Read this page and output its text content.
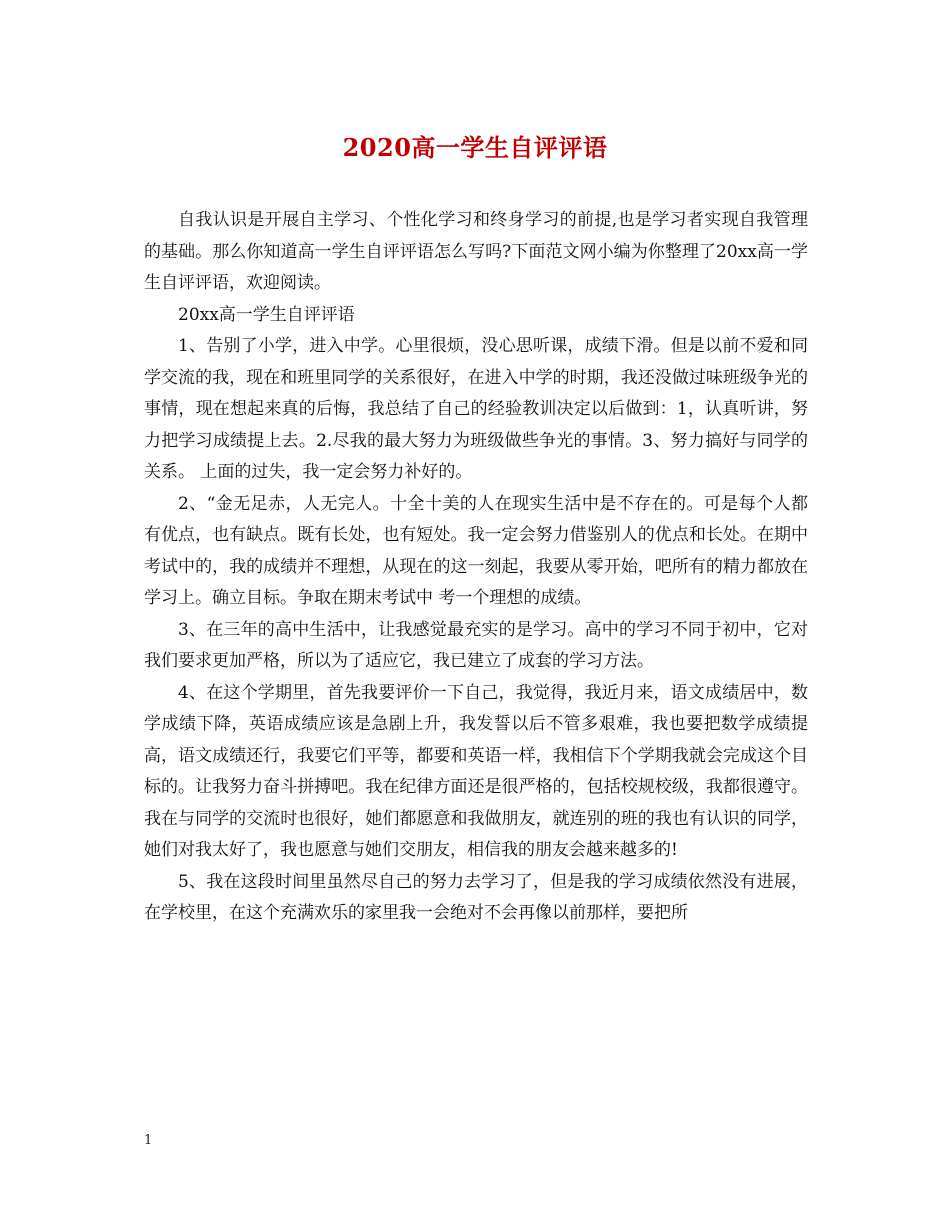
2020高一学生自评评语

自我认识是开展自主学习、个性化学习和终身学习的前提,也是学习者实现自我管理的基础。那么你知道高一学生自评评语怎么写吗?下面范文网小编为你整理了20xx高一学生自评评语，欢迎阅读。

20xx高一学生自评评语

1、告别了小学，进入中学。心里很烦，没心思听课，成绩下滑。但是以前不爱和同学交流的我，现在和班里同学的关系很好，在进入中学的时期，我还没做过味班级争光的事情，现在想起来真的后悔，我总结了自己的经验教训决定以后做到：1，认真听讲，努力把学习成绩提上去。2.尽我的最大努力为班级做些争光的事情。3、努力搞好与同学的关系。 上面的过失，我一定会努力补好的。

2、“金无足赤，人无完人。十全十美的人在现实生活中是不存在的。可是每个人都有优点，也有缺点。既有长处，也有短处。我一定会努力借鉴别人的优点和长处。在期中考试中的，我的成绩并不理想，从现在的这一刻起，我要从零开始，吧所有的精力都放在学习上。确立目标。争取在期末考试中 考一个理想的成绩。

3、在三年的高中生活中，让我感觉最充实的是学习。高中的学习不同于初中，它对我们要求更加严格，所以为了适应它，我已建立了成套的学习方法。

4、在这个学期里，首先我要评价一下自己，我觉得，我近月来，语文成绩居中，数学成绩下降，英语成绩应该是急剧上升，我发誓以后不管多艰难，我也要把数学成绩提高，语文成绩还行，我要它们平等，都要和英语一样，我相信下个学期我就会完成这个目标的。让我努力奋斗拼搏吧。我在纪律方面还是很严格的，包括校规校级，我都很遵守。我在与同学的交流时也很好，她们都愿意和我做朋友，就连别的班的我也有认识的同学，她们对我太好了，我也愿意与她们交朋友，相信我的朋友会越来越多的!

5、我在这段时间里虽然尽自己的努力去学习了，但是我的学习成绩依然没有进展，在学校里，在这个充满欢乐的家里我一会绝对不会再像以前那样，要把所

1
